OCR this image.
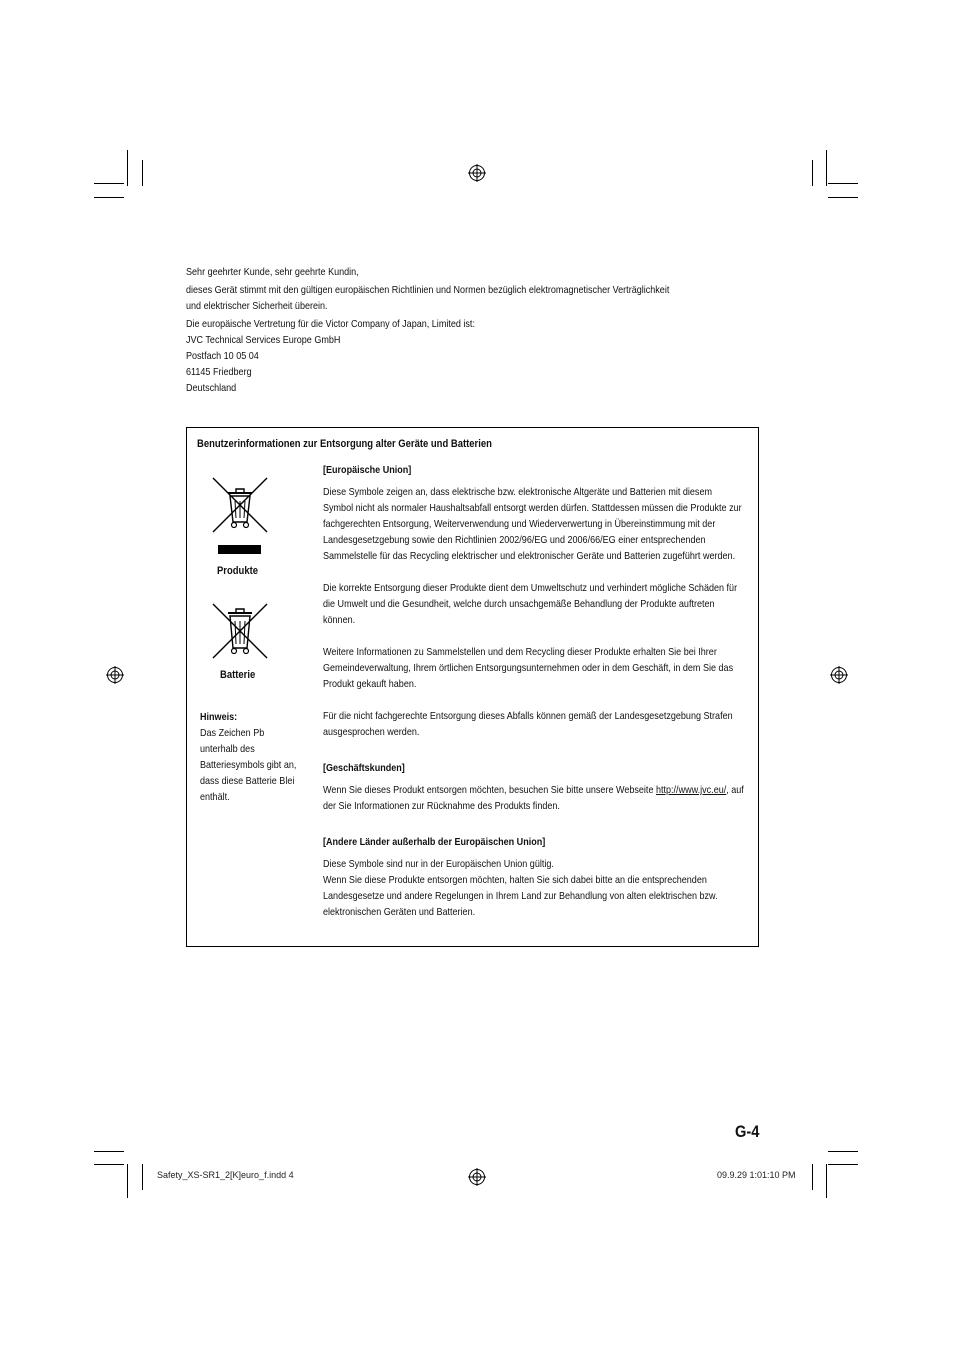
Sehr geehrter Kunde, sehr geehrte Kundin,

dieses Gerät stimmt mit den gültigen europäischen Richtlinien und Normen bezüglich elektromagnetischer Verträglichkeit und elektrischer Sicherheit überein.

Die europäische Vertretung für die Victor Company of Japan, Limited ist:

JVC Technical Services Europe GmbH

Postfach 10 05 04

61145 Friedberg

Deutschland

Benutzerinformationen zur Entsorgung alter Geräte und Batterien
Produkte
Batterie

Hinweis:

Das Zeichen Pb unterhalb des Batteriesymbols gibt an, dass diese Batterie Blei enthält.

[Europäische Union]

Diese Symbole zeigen an, dass elektrische bzw. elektronische Altgeräte und Batterien mit diesem Symbol nicht als normaler Haushaltsabfall entsorgt werden dürfen. Stattdessen müssen die Produkte zur fachgerechten Entsorgung, Weiterverwendung und Wiederverwertung in Übereinstimmung mit der Landesgesetzgebung sowie den Richtlinien 2002/96/EG und 2006/66/EG einer entsprechenden Sammelstelle für das Recycling elektrischer und elektronischer Geräte und Batterien zugeführt werden.

Die korrekte Entsorgung dieser Produkte dient dem Umweltschutz und verhindert mögliche Schäden für die Umwelt und die Gesundheit, welche durch unsachgemäße Behandlung der Produkte auftreten können.

Weitere Informationen zu Sammelstellen und dem Recycling dieser Produkte erhalten Sie bei Ihrer Gemeindeverwaltung, Ihrem örtlichen Entsorgungsunternehmen oder in dem Geschäft, in dem Sie das Produkt gekauft haben.

Für die nicht fachgerechte Entsorgung dieses Abfalls können gemäß der Landesgesetzgebung Strafen ausgesprochen werden.

[Geschäftskunden]

Wenn Sie dieses Produkt entsorgen möchten, besuchen Sie bitte unsere Webseite http://www.jvc.eu/, auf der Sie Informationen zur Rücknahme des Produkts finden.

[Andere Länder außerhalb der Europäischen Union]

Diese Symbole sind nur in der Europäischen Union gültig.

Wenn Sie diese Produkte entsorgen möchten, halten Sie sich dabei bitte an die entsprechenden Landesgesetze und andere Regelungen in Ihrem Land zur Behandlung von alten elektrischen bzw. elektronischen Geräten und Batterien.

G-4
Safety_XS-SR1_2[K]euro_f.indd 4	09.9.29 1:01:10 PM
